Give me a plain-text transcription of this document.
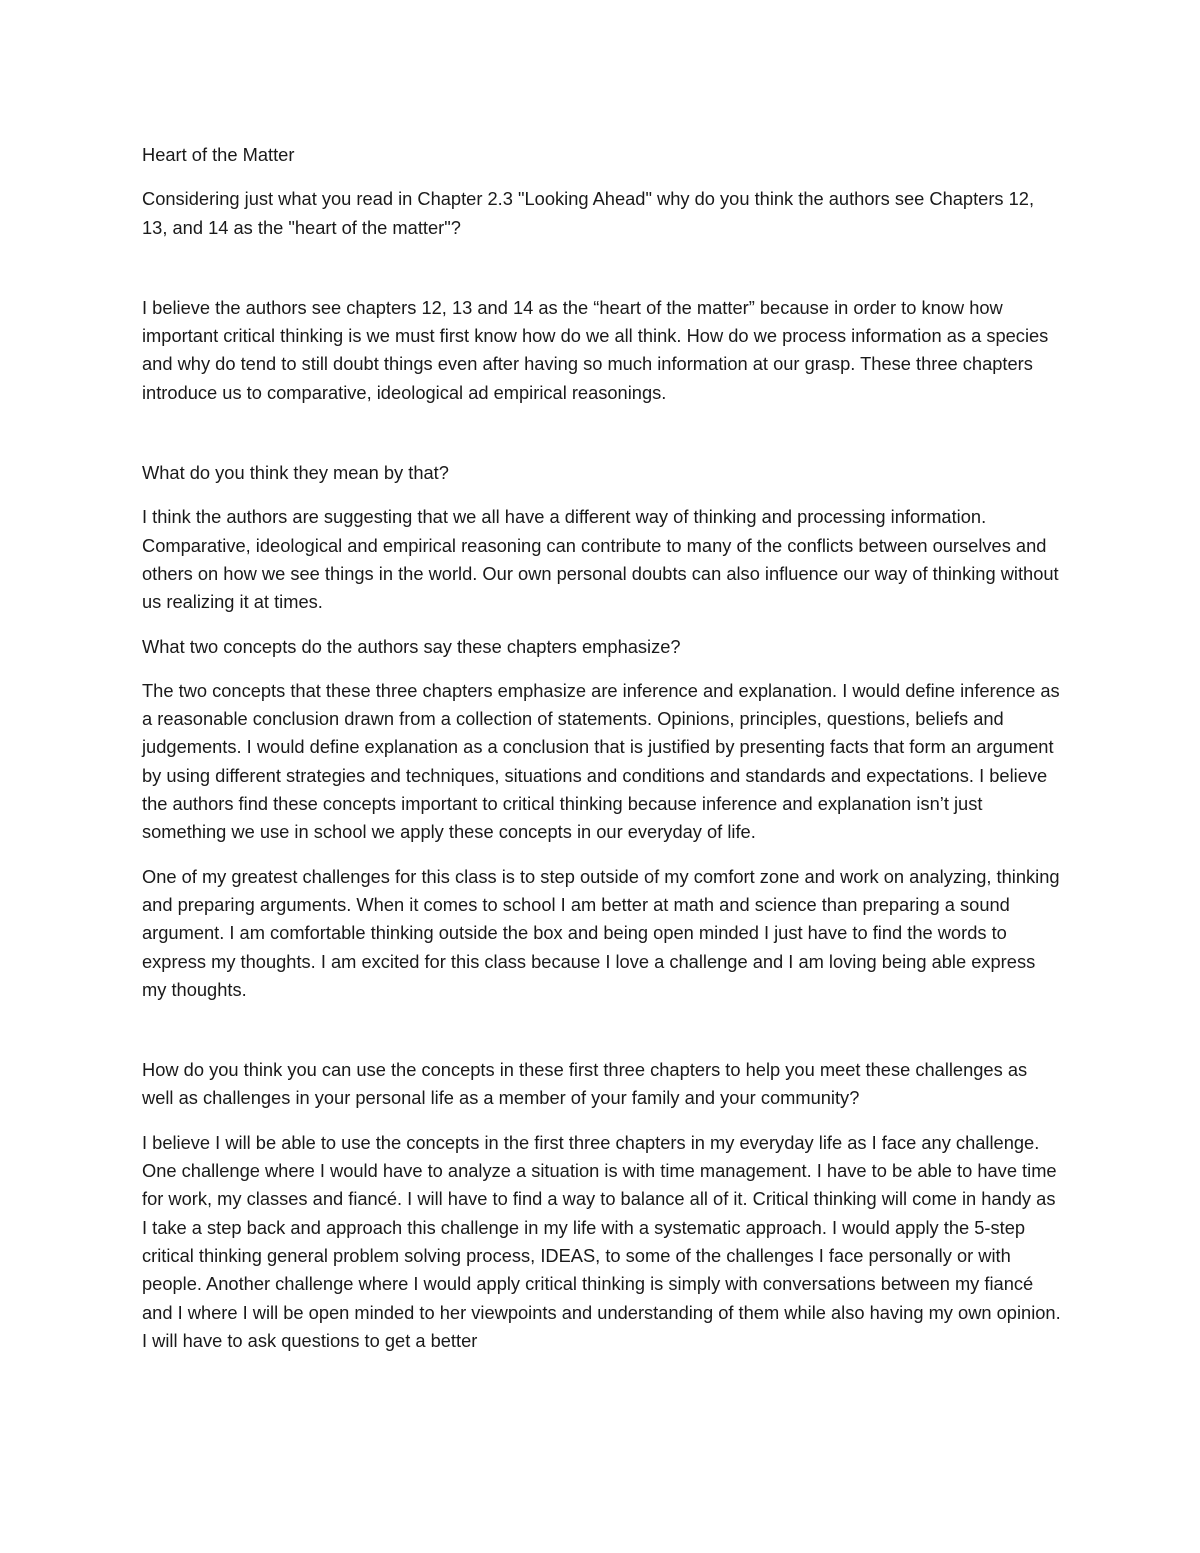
Heart of the Matter

Considering just what you read in Chapter 2.3 "Looking Ahead" why do you think the authors see Chapters 12, 13, and 14 as the "heart of the matter"?

I believe the authors see chapters 12, 13 and 14 as the “heart of the matter” because in order to know how important critical thinking is we must first know how do we all think. How do we process information as a species and why do tend to still doubt things even after having so much information at our grasp. These three chapters introduce us to comparative, ideological ad empirical reasonings.

What do you think they mean by that?

I think the authors are suggesting that we all have a different way of thinking and processing information. Comparative, ideological and empirical reasoning can contribute to many of the conflicts between ourselves and others on how we see things in the world. Our own personal doubts can also influence our way of thinking without us realizing it at times.

What two concepts do the authors say these chapters emphasize?

The two concepts that these three chapters emphasize are inference and explanation. I would define inference as a reasonable conclusion drawn from a collection of statements. Opinions, principles, questions, beliefs and judgements. I would define explanation as a conclusion that is justified by presenting facts that form an argument by using different strategies and techniques, situations and conditions and standards and expectations. I believe the authors find these concepts important to critical thinking because inference and explanation isn’t just something we use in school we apply these concepts in our everyday of life.

One of my greatest challenges for this class is to step outside of my comfort zone and work on analyzing, thinking and preparing arguments. When it comes to school I am better at math and science than preparing a sound argument. I am comfortable thinking outside the box and being open minded I just have to find the words to express my thoughts. I am excited for this class because I love a challenge and I am loving being able express my thoughts.

How do you think you can use the concepts in these first three chapters to help you meet these challenges as well as challenges in your personal life as a member of your family and your community?

I believe I will be able to use the concepts in the first three chapters in my everyday life as I face any challenge. One challenge where I would have to analyze a situation is with time management. I have to be able to have time for work, my classes and fiancé. I will have to find a way to balance all of it. Critical thinking will come in handy as I take a step back and approach this challenge in my life with a systematic approach. I would apply the 5-step critical thinking general problem solving process, IDEAS, to some of the challenges I face personally or with people. Another challenge where I would apply critical thinking is simply with conversations between my fiancé and I where I will be open minded to her viewpoints and understanding of them while also having my own opinion. I will have to ask questions to get a better
